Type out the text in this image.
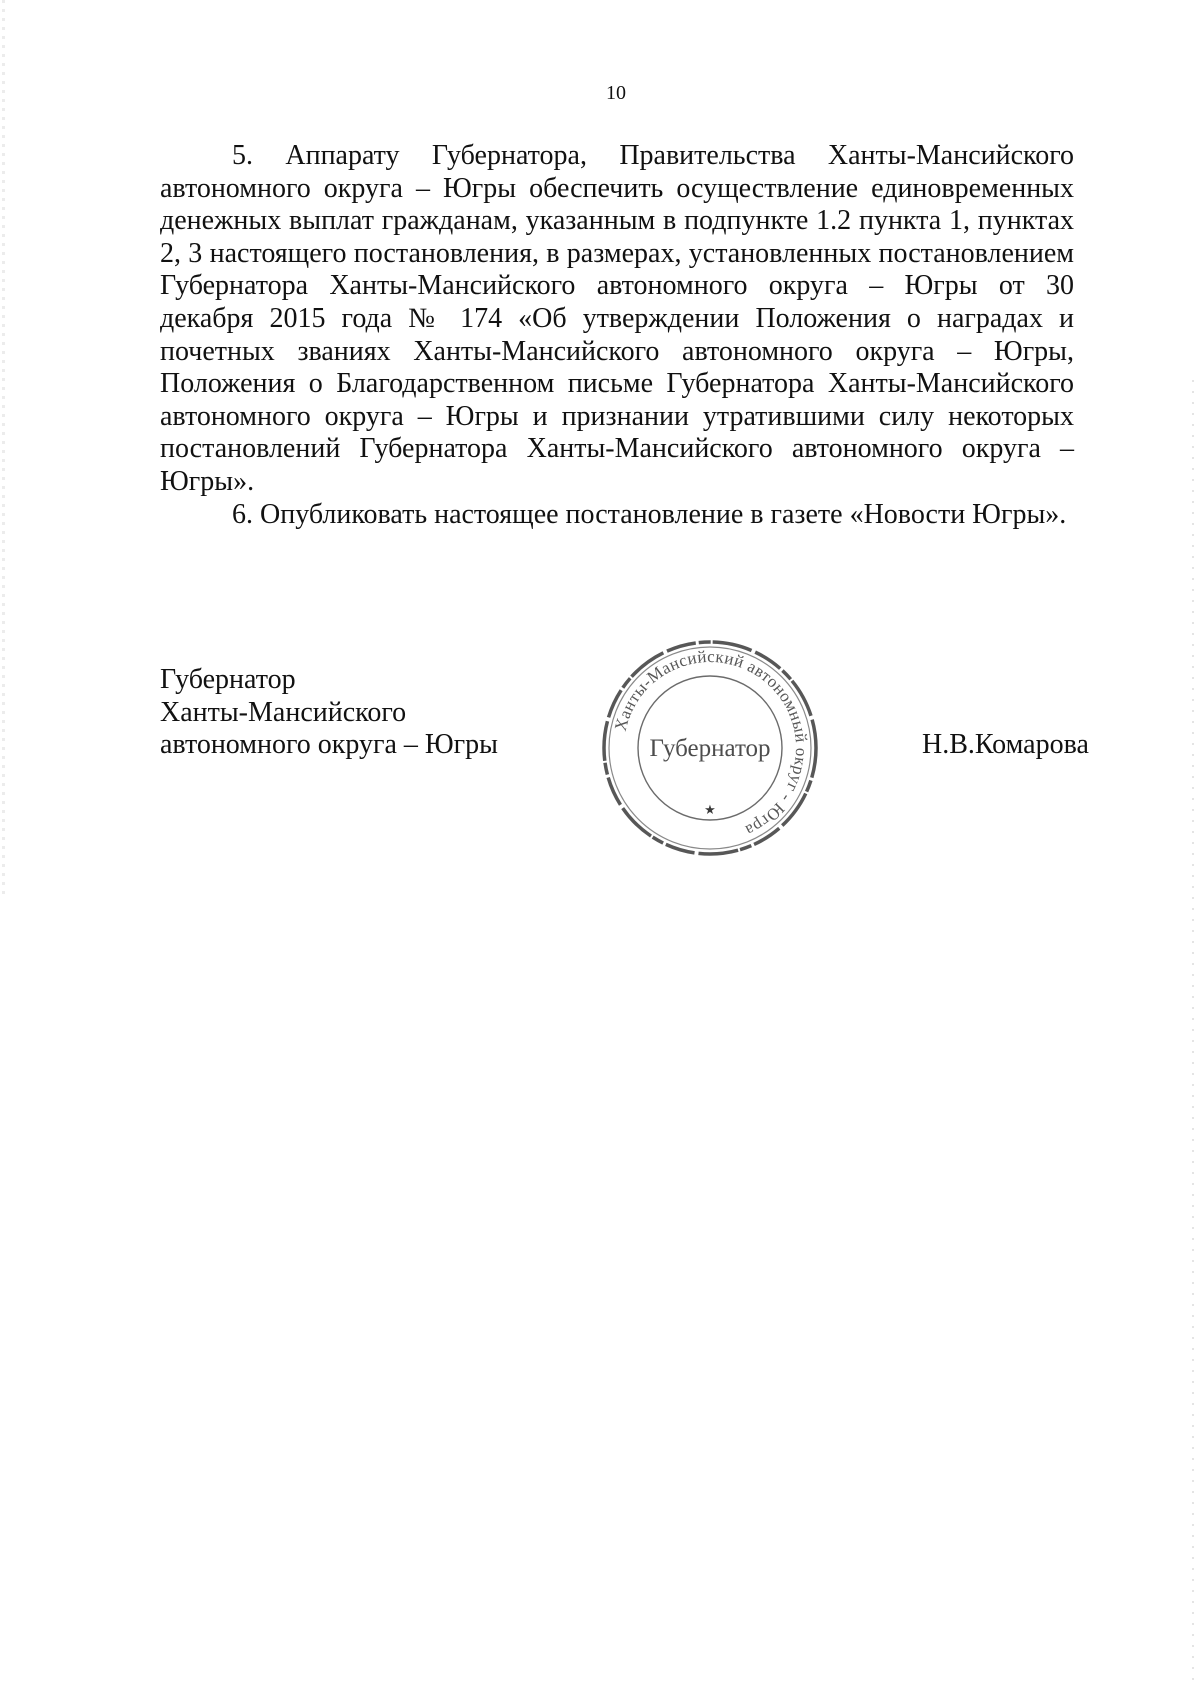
10

5. Аппарату Губернатора, Правительства Ханты-Мансийского автономного округа – Югры обеспечить осуществление единовременных денежных выплат гражданам, указанным в подпункте 1.2 пункта 1, пунктах 2, 3 настоящего постановления, в размерах, установленных постановлением Губернатора Ханты-Мансийского автономного округа – Югры от 30 декабря 2015 года № 174 «Об утверждении Положения о наградах и почетных званиях Ханты-Мансийского автономного округа – Югры, Положения о Благодарственном письме Губернатора Ханты-Мансийского автономного округа – Югры и признании утратившими силу некоторых постановлений Губернатора Ханты-Мансийского автономного округа – Югры».

6. Опубликовать настоящее постановление в газете «Новости Югры».

Губернатор
Ханты-Мансийского
автономного округа – Югры
Ханты-Мансийский автономный округ - Югра
Губернатор
★
Н.В.Комарова
